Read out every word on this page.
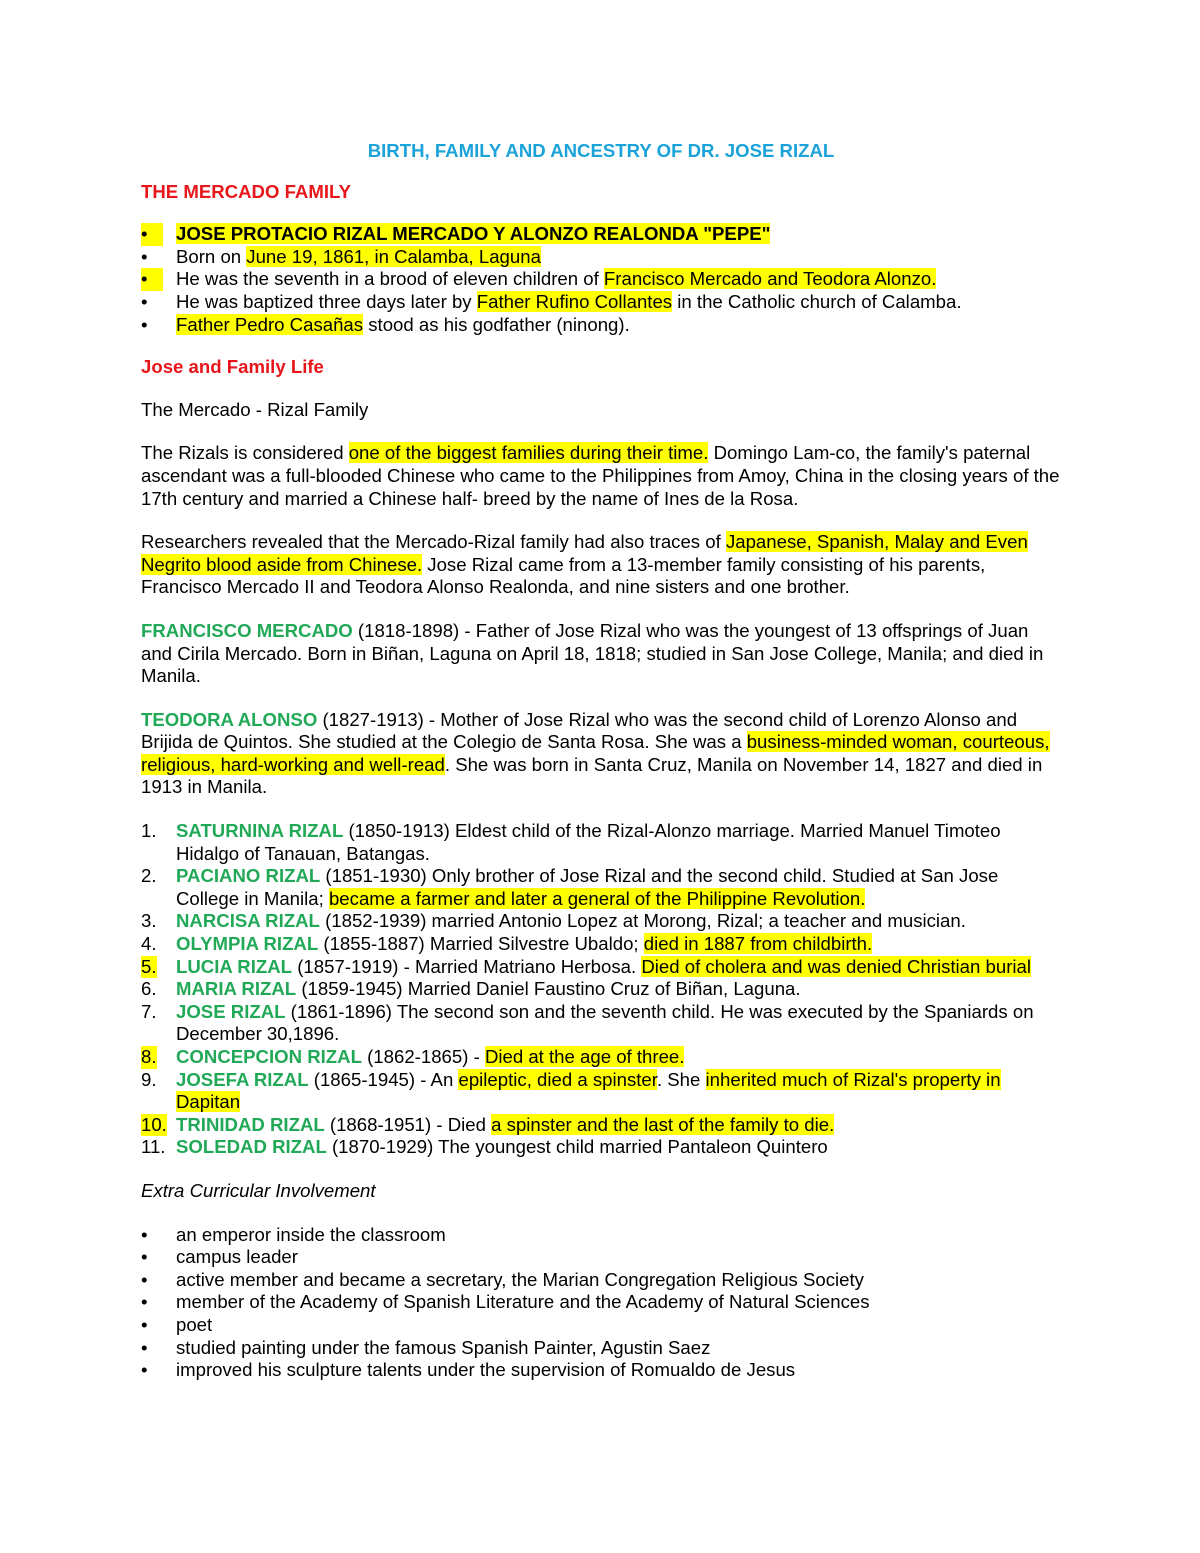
BIRTH, FAMILY AND ANCESTRY OF DR. JOSE RIZAL
THE MERCADO FAMILY
•	JOSE PROTACIO RIZAL MERCADO Y ALONZO REALONDA "PEPE"
•	Born on June 19, 1861, in Calamba, Laguna
•	He was the seventh in a brood of eleven children of Francisco Mercado and Teodora Alonzo.
•	He was baptized three days later by Father Rufino Collantes in the Catholic church of Calamba.
•	Father Pedro Casañas stood as his godfather (ninong).
Jose and Family Life

The Mercado - Rizal Family

The Rizals is considered one of the biggest families during their time. Domingo Lam-co, the family's paternal ascendant was a full-blooded Chinese who came to the Philippines from Amoy, China in the closing years of the 17th century and married a Chinese half- breed by the name of Ines de la Rosa.

Researchers revealed that the Mercado-Rizal family had also traces of Japanese, Spanish, Malay and Even Negrito blood aside from Chinese. Jose Rizal came from a 13-member family consisting of his parents, Francisco Mercado II and Teodora Alonso Realonda, and nine sisters and one brother.

FRANCISCO MERCADO (1818-1898) - Father of Jose Rizal who was the youngest of 13 offsprings of Juan and Cirila Mercado. Born in Biñan, Laguna on April 18, 1818; studied in San Jose College, Manila; and died in Manila.

TEODORA ALONSO (1827-1913) - Mother of Jose Rizal who was the second child of Lorenzo Alonso and Brijida de Quintos. She studied at the Colegio de Santa Rosa. She was a business-minded woman, courteous, religious, hard-working and well-read. She was born in Santa Cruz, Manila on November 14, 1827 and died in 1913 in Manila.

1. SATURNINA RIZAL (1850-1913) Eldest child of the Rizal-Alonzo marriage. Married Manuel Timoteo Hidalgo of Tanauan, Batangas.
2. PACIANO RIZAL (1851-1930) Only brother of Jose Rizal and the second child. Studied at San Jose College in Manila; became a farmer and later a general of the Philippine Revolution.
3. NARCISA RIZAL (1852-1939) married Antonio Lopez at Morong, Rizal; a teacher and musician.
4. OLYMPIA RIZAL (1855-1887) Married Silvestre Ubaldo; died in 1887 from childbirth.
5. LUCIA RIZAL (1857-1919) - Married Matriano Herbosa. Died of cholera and was denied Christian burial
6. MARIA RIZAL (1859-1945) Married Daniel Faustino Cruz of Biñan, Laguna.
7. JOSE RIZAL (1861-1896) The second son and the seventh child. He was executed by the Spaniards on December 30,1896.
8. CONCEPCION RIZAL (1862-1865) - Died at the age of three.
9. JOSEFA RIZAL (1865-1945) - An epileptic, died a spinster. She inherited much of Rizal's property in Dapitan
10. TRINIDAD RIZAL (1868-1951) - Died a spinster and the last of the family to die.
11. SOLEDAD RIZAL (1870-1929) The youngest child married Pantaleon Quintero

Extra Curricular Involvement

•	an emperor inside the classroom
•	campus leader
•	active member and became a secretary, the Marian Congregation Religious Society
•	member of the Academy of Spanish Literature and the Academy of Natural Sciences
•	poet
•	studied painting under the famous Spanish Painter, Agustin Saez
•	improved his sculpture talents under the supervision of Romualdo de Jesus
